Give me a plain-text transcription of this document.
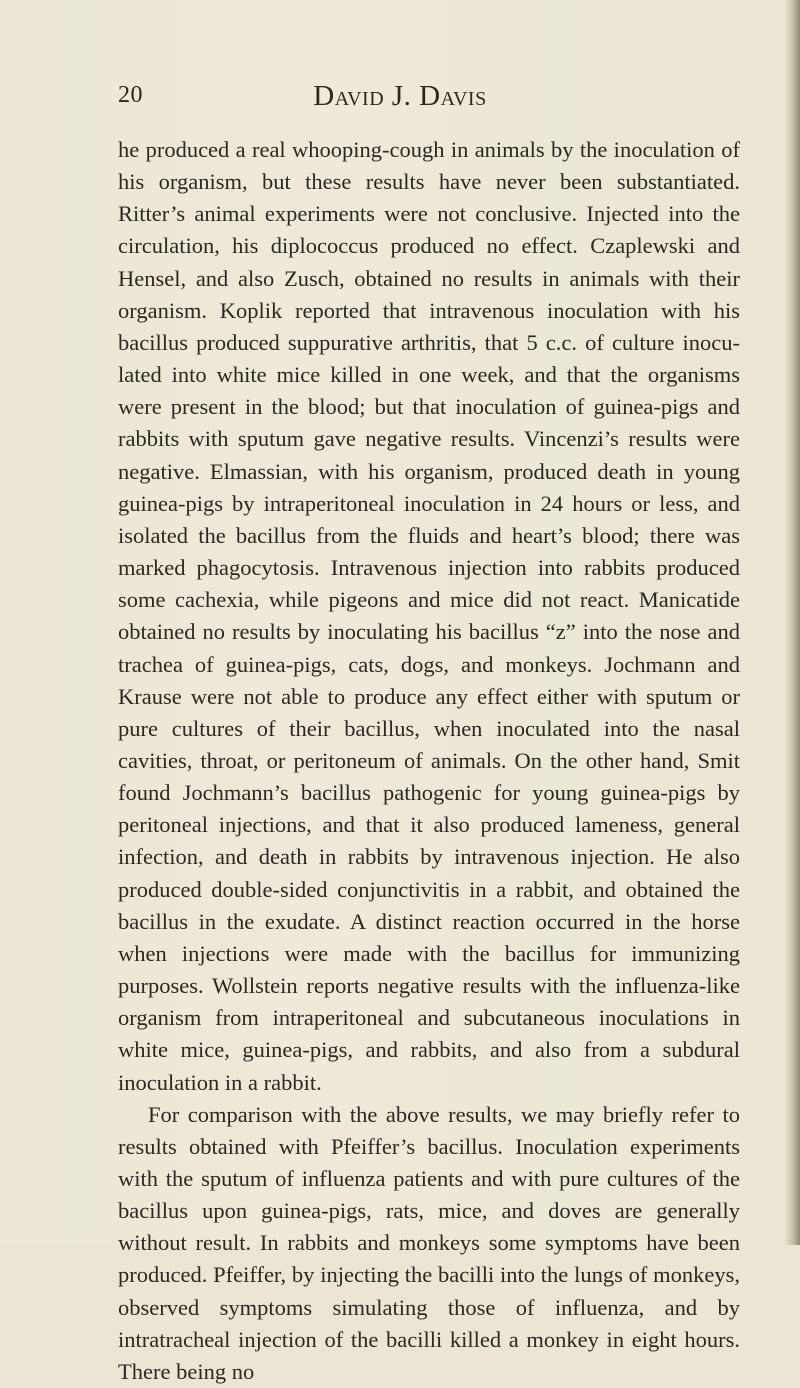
20	David J. Davis

he produced a real whooping-cough in animals by the inoculation of his organism, but these results have never been substantiated. Ritter’s animal experiments were not conclusive. Injected into the circulation, his diplococcus produced no effect. Czaplewski and Hensel, and also Zusch, obtained no results in animals with their organism. Koplik reported that intravenous inoculation with his bacillus produced suppurative arthritis, that 5 c.c. of culture inoculated into white mice killed in one week, and that the organisms were present in the blood; but that inoculation of guinea-pigs and rabbits with sputum gave negative results. Vincenzi’s results were negative. Elmassian, with his organism, produced death in young guinea-pigs by intraperitoneal inoculation in 24 hours or less, and isolated the bacillus from the fluids and heart’s blood; there was marked phagocytosis. Intravenous injection into rabbits produced some cachexia, while pigeons and mice did not react. Manicatide obtained no results by inoculating his bacillus “z” into the nose and trachea of guinea-pigs, cats, dogs, and monkeys. Jochmann and Krause were not able to produce any effect either with sputum or pure cultures of their bacillus, when inoculated into the nasal cavities, throat, or peritoneum of animals. On the other hand, Smit found Jochmann’s bacillus pathogenic for young guinea-pigs by peritoneal injections, and that it also produced lameness, general infection, and death in rabbits by intravenous injection. He also produced double-sided conjunctivitis in a rabbit, and obtained the bacillus in the exudate. A distinct reaction occurred in the horse when injections were made with the bacillus for immunizing purposes. Wollstein reports negative results with the influenza-like organism from intraperitoneal and subcutaneous inoculations in white mice, guinea-pigs, and rabbits, and also from a subdural inoculation in a rabbit.

For comparison with the above results, we may briefly refer to results obtained with Pfeiffer’s bacillus. Inoculation experiments with the sputum of influenza patients and with pure cultures of the bacillus upon guinea-pigs, rats, mice, and doves are generally without result. In rabbits and monkeys some symptoms have been produced. Pfeiffer, by injecting the bacilli into the lungs of monkeys, observed symptoms simulating those of influenza, and by intratracheal injection of the bacilli killed a monkey in eight hours. There being no
